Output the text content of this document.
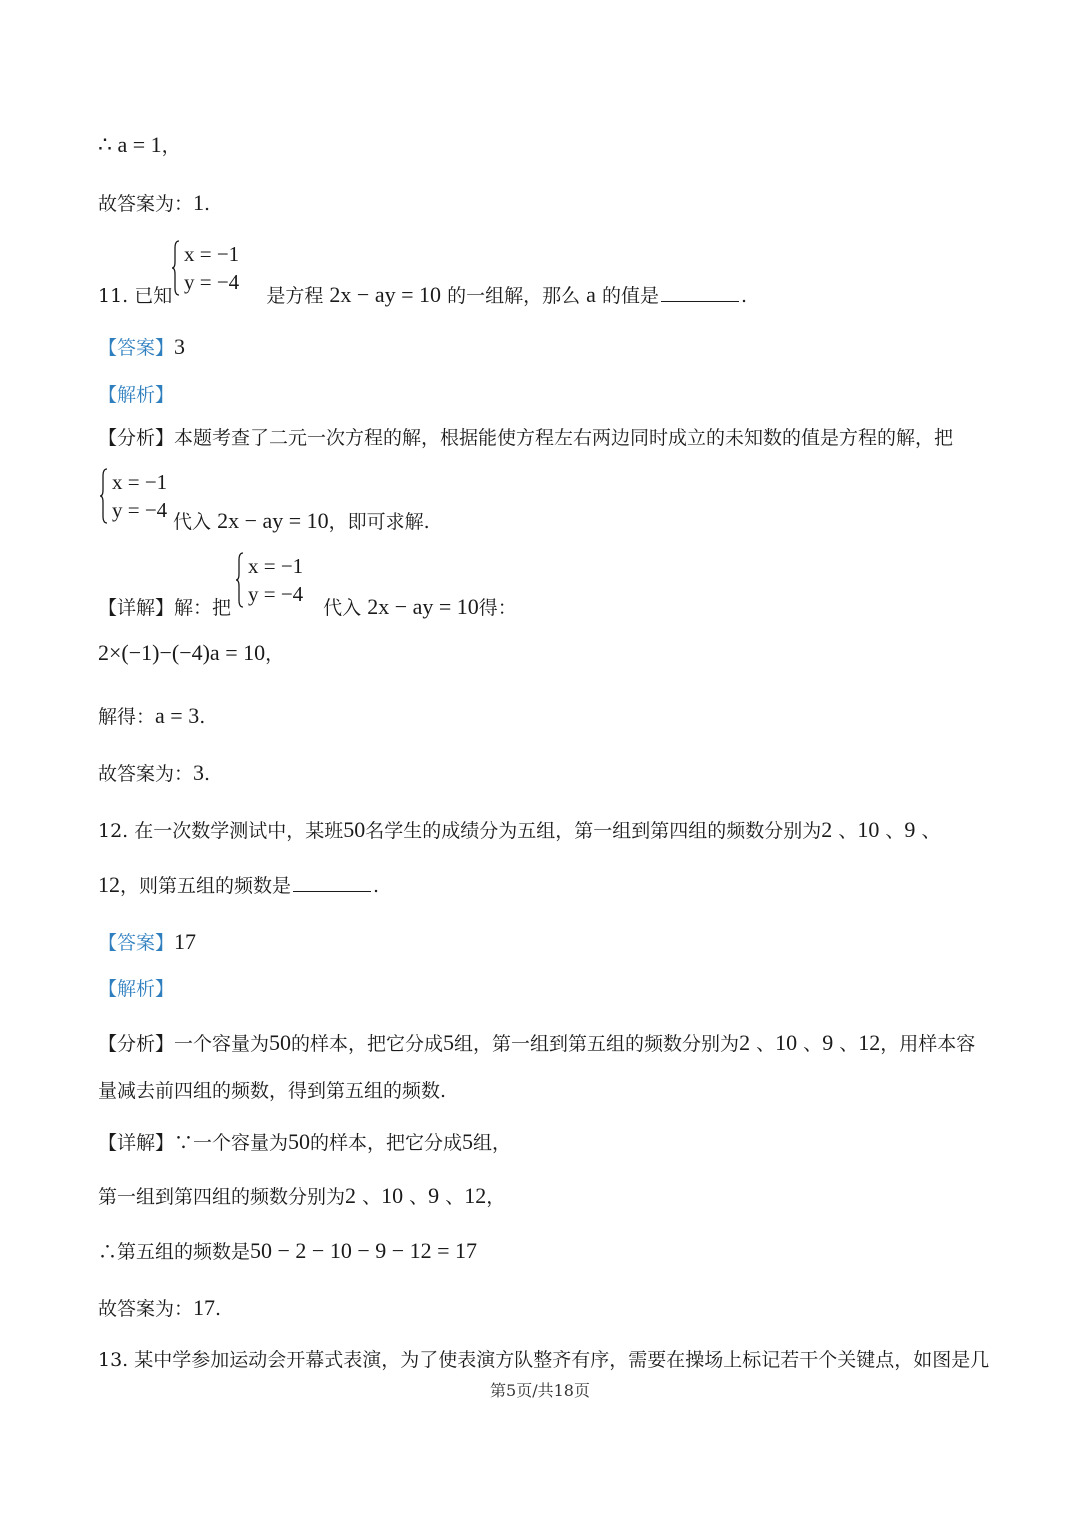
∴ a = 1，
故答案为：1.
11. 已知	是方程 2x − ay = 10 的一组解，那么 a 的值是	.
x = −1
y = −4
【答案】3
【解析】
【分析】本题考查了二元一次方程的解，根据能使方程左右两边同时成立的未知数的值是方程的解，把
x = −1
y = −4 代入 2x − ay = 10，即可求解.
【详解】解：把	代入 2x − ay = 10得：
x = −1
y = −4
2×(−1)−(−4)a = 10，
解得：a = 3.
故答案为：3.
12. 在一次数学测试中，某班50名学生的成绩分为五组，第一组到第四组的频数分别为2 、10 、9 、
12，则第五组的频数是	.
【答案】17
【解析】
【分析】一个容量为50的样本，把它分成5组，第一组到第五组的频数分别为2 、10 、9 、12，用样本容
量减去前四组的频数，得到第五组的频数.
【详解】∵一个容量为50的样本，把它分成5组，
第一组到第四组的频数分别为2 、10 、9 、12，
∴第五组的频数是50 − 2 − 10 − 9 − 12 = 17
故答案为：17.
13. 某中学参加运动会开幕式表演，为了使表演方队整齐有序，需要在操场上标记若干个关键点，如图是几
第5页/共18页
